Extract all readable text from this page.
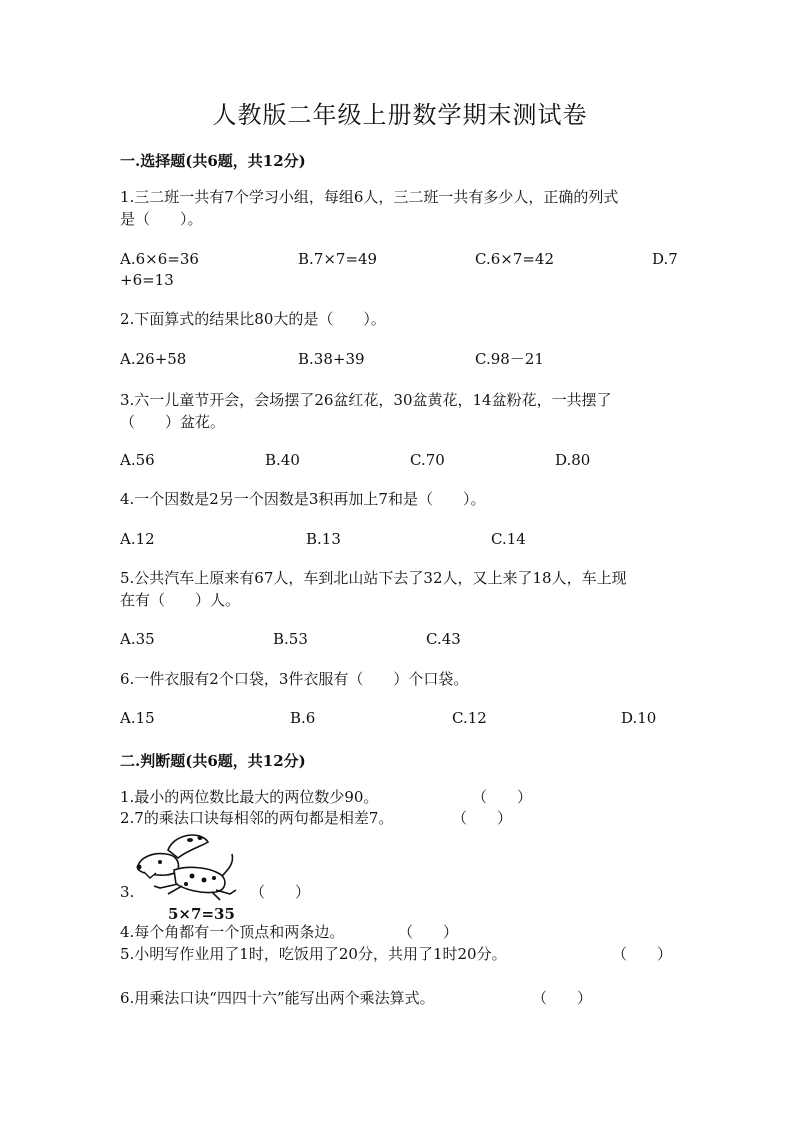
人教版二年级上册数学期末测试卷
一.选择题(共6题，共12分)
1.三二班一共有7个学习小组，每组6人，三二班一共有多少人，正确的列式
是（　　）。
A.6×6=36	B.7×7=49	C.6×7=42	D.7
+6=13
2.下面算式的结果比80大的是（　　）。
A.26+58	B.38+39	C.98－21
3.六一儿童节开会，会场摆了26盆红花，30盆黄花，14盆粉花，一共摆了
（　　）盆花。
A.56	B.40	C.70	D.80
4.一个因数是2另一个因数是3积再加上7和是（　　）。
A.12	B.13	C.14
5.公共汽车上原来有67人，车到北山站下去了32人，又上来了18人，车上现
在有（　　）人。
A.35	B.53	C.43
6.一件衣服有2个口袋，3件衣服有（　　）个口袋。
A.15	B.6	C.12	D.10
二.判断题(共6题，共12分)
1.最小的两位数比最大的两位数少90。	（　　）
2.7的乘法口诀每相邻的两句都是相差7。	（　　）
3.
5×7=35
（　　）
4.每个角都有一个顶点和两条边。	（　　）
5.小明写作业用了1时，吃饭用了20分，共用了1时20分。	（　　）
6.用乘法口诀“四四十六”能写出两个乘法算式。	（　　）
